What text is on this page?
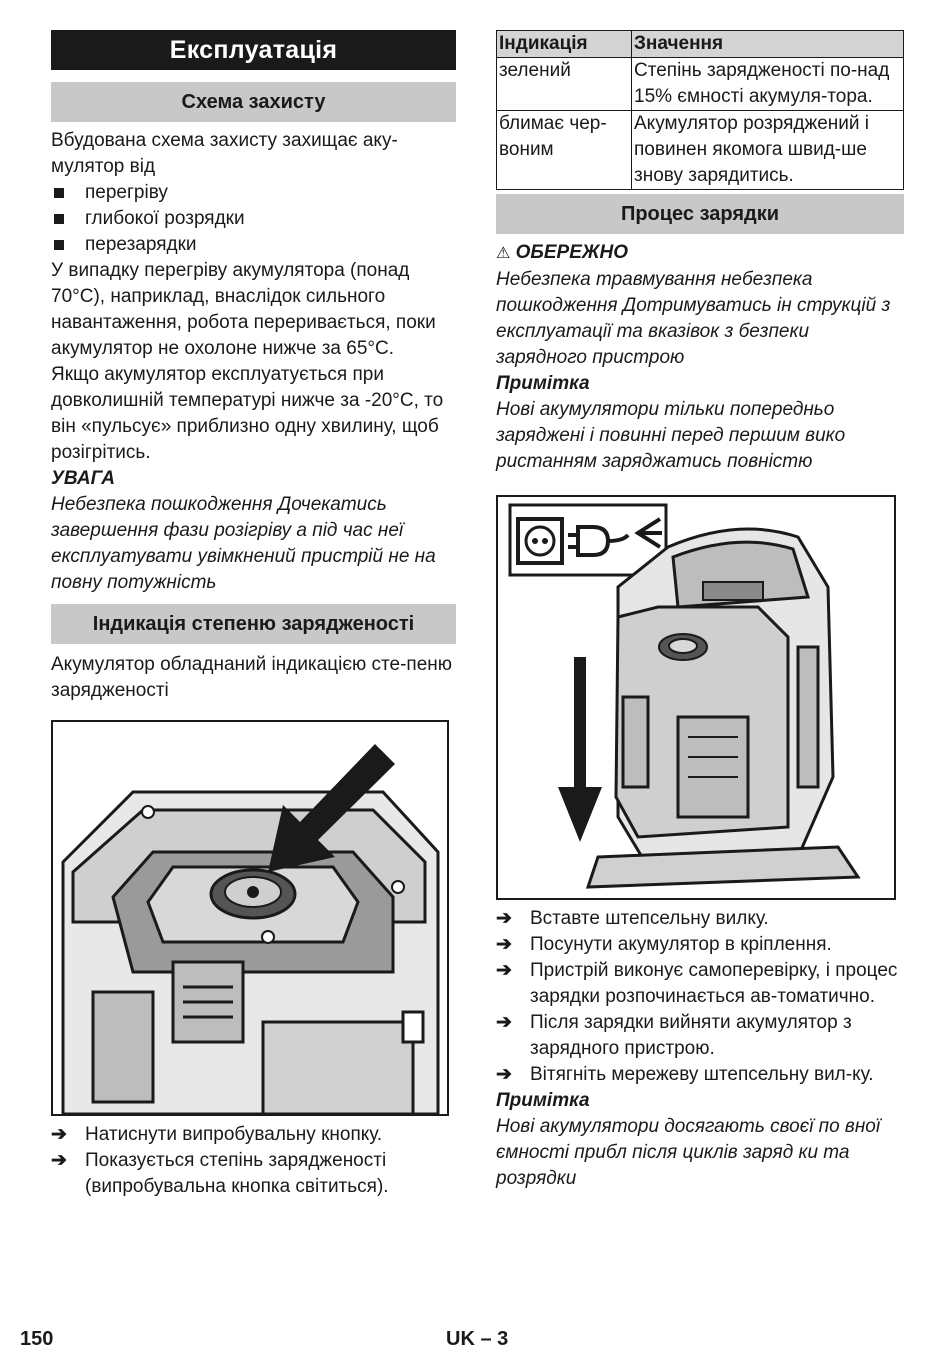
Експлуатація
Схема захисту

Вбудована схема захисту захищає аку-мулятор від

перегріву
глибокої розрядки
перезарядки

У випадку перегріву акумулятора (понад 70°C), наприклад, внаслідок сильного навантаження, робота переривається, поки акумулятор не охолоне нижче за 65°C.

Якщо акумулятор експлуатується при довколишній температурі нижче за -20°C, то він «пульсує» приблизно одну хвилину, щоб розігрітись.

УВАГА

Небезпека пошкодження Дочекатись завершення фази розігріву а під час неї експлуатувати увімкнений пристрій не на повну потужність

Індикація степеню зарядженості

Акумулятор обладнаний індикацією сте-пеню зарядженості

➔ Натиснути випробувальну кнопку.
➔ Показується степінь зарядженості (випробувальна кнопка світиться).
Індикація	Значення
зелений	Степінь зарядженості по-над 15% ємності акумуля-тора.
блимає чер-воним	Акумулятор розряджений і повинен якомога швид-ше знову зарядитись.
Процес зарядки

⚠ ОБЕРЕЖНО

Небезпека травмування небезпека пошкодження Дотримуватись ін струкцій з експлуатації та вказівок з безпеки зарядного пристрою

Примітка

Нові акумулятори тільки попередньо заряджені і повинні перед першим вико ристанням заряджатись повністю

➔ Вставте штепсельну вилку.
➔ Посунути акумулятор в кріплення.
➔ Пристрій виконує самоперевірку, і процес зарядки розпочинається ав-томатично.
➔ Після зарядки вийняти акумулятор з зарядного пристрою.
➔ Вітягніть мережеву штепсельну вил-ку.

Примітка

Нові акумулятори досягають своєї по вної ємності прибл після циклів заряд ки та розрядки

150	UK – 3
